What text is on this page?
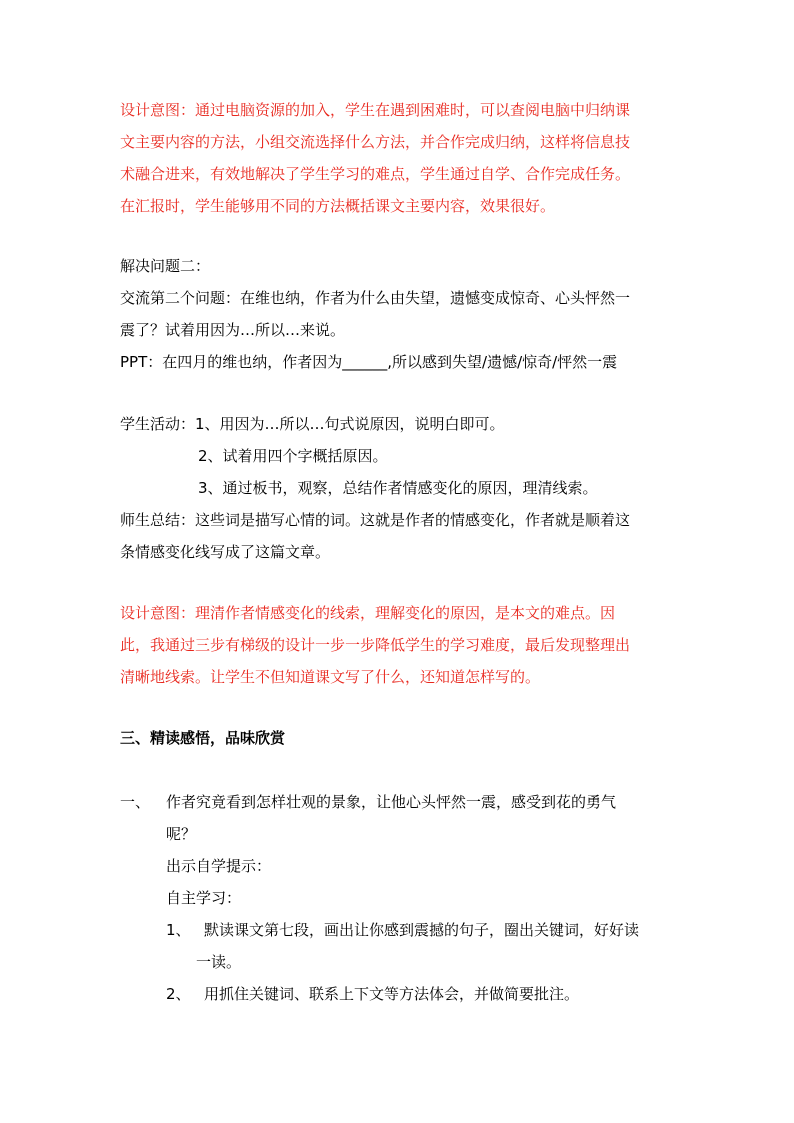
设计意图：通过电脑资源的加入，学生在遇到困难时，可以查阅电脑中归纳课
文主要内容的方法，小组交流选择什么方法，并合作完成归纳，这样将信息技
术融合进来，有效地解决了学生学习的难点，学生通过自学、合作完成任务。
在汇报时，学生能够用不同的方法概括课文主要内容，效果很好。
解决问题二：
交流第二个问题：在维也纳，作者为什么由失望，遗憾变成惊奇、心头怦然一
震了？试着用因为…所以…来说。
PPT：在四月的维也纳，作者因为______,所以感到失望/遗憾/惊奇/怦然一震
学生活动：1、用因为…所以…句式说原因，说明白即可。
2、试着用四个字概括原因。
3、通过板书，观察，总结作者情感变化的原因，理清线索。
师生总结：这些词是描写心情的词。这就是作者的情感变化，作者就是顺着这
条情感变化线写成了这篇文章。
设计意图：理清作者情感变化的线索，理解变化的原因，是本文的难点。因
此，我通过三步有梯级的设计一步一步降低学生的学习难度，最后发现整理出
清晰地线索。让学生不但知道课文写了什么，还知道怎样写的。
三、精读感悟，品味欣赏
一、 作者究竟看到怎样壮观的景象，让他心头怦然一震，感受到花的勇气
呢？
出示自学提示：
自主学习：
1、 默读课文第七段，画出让你感到震撼的句子，圈出关键词，好好读
一读。
2、 用抓住关键词、联系上下文等方法体会，并做简要批注。
